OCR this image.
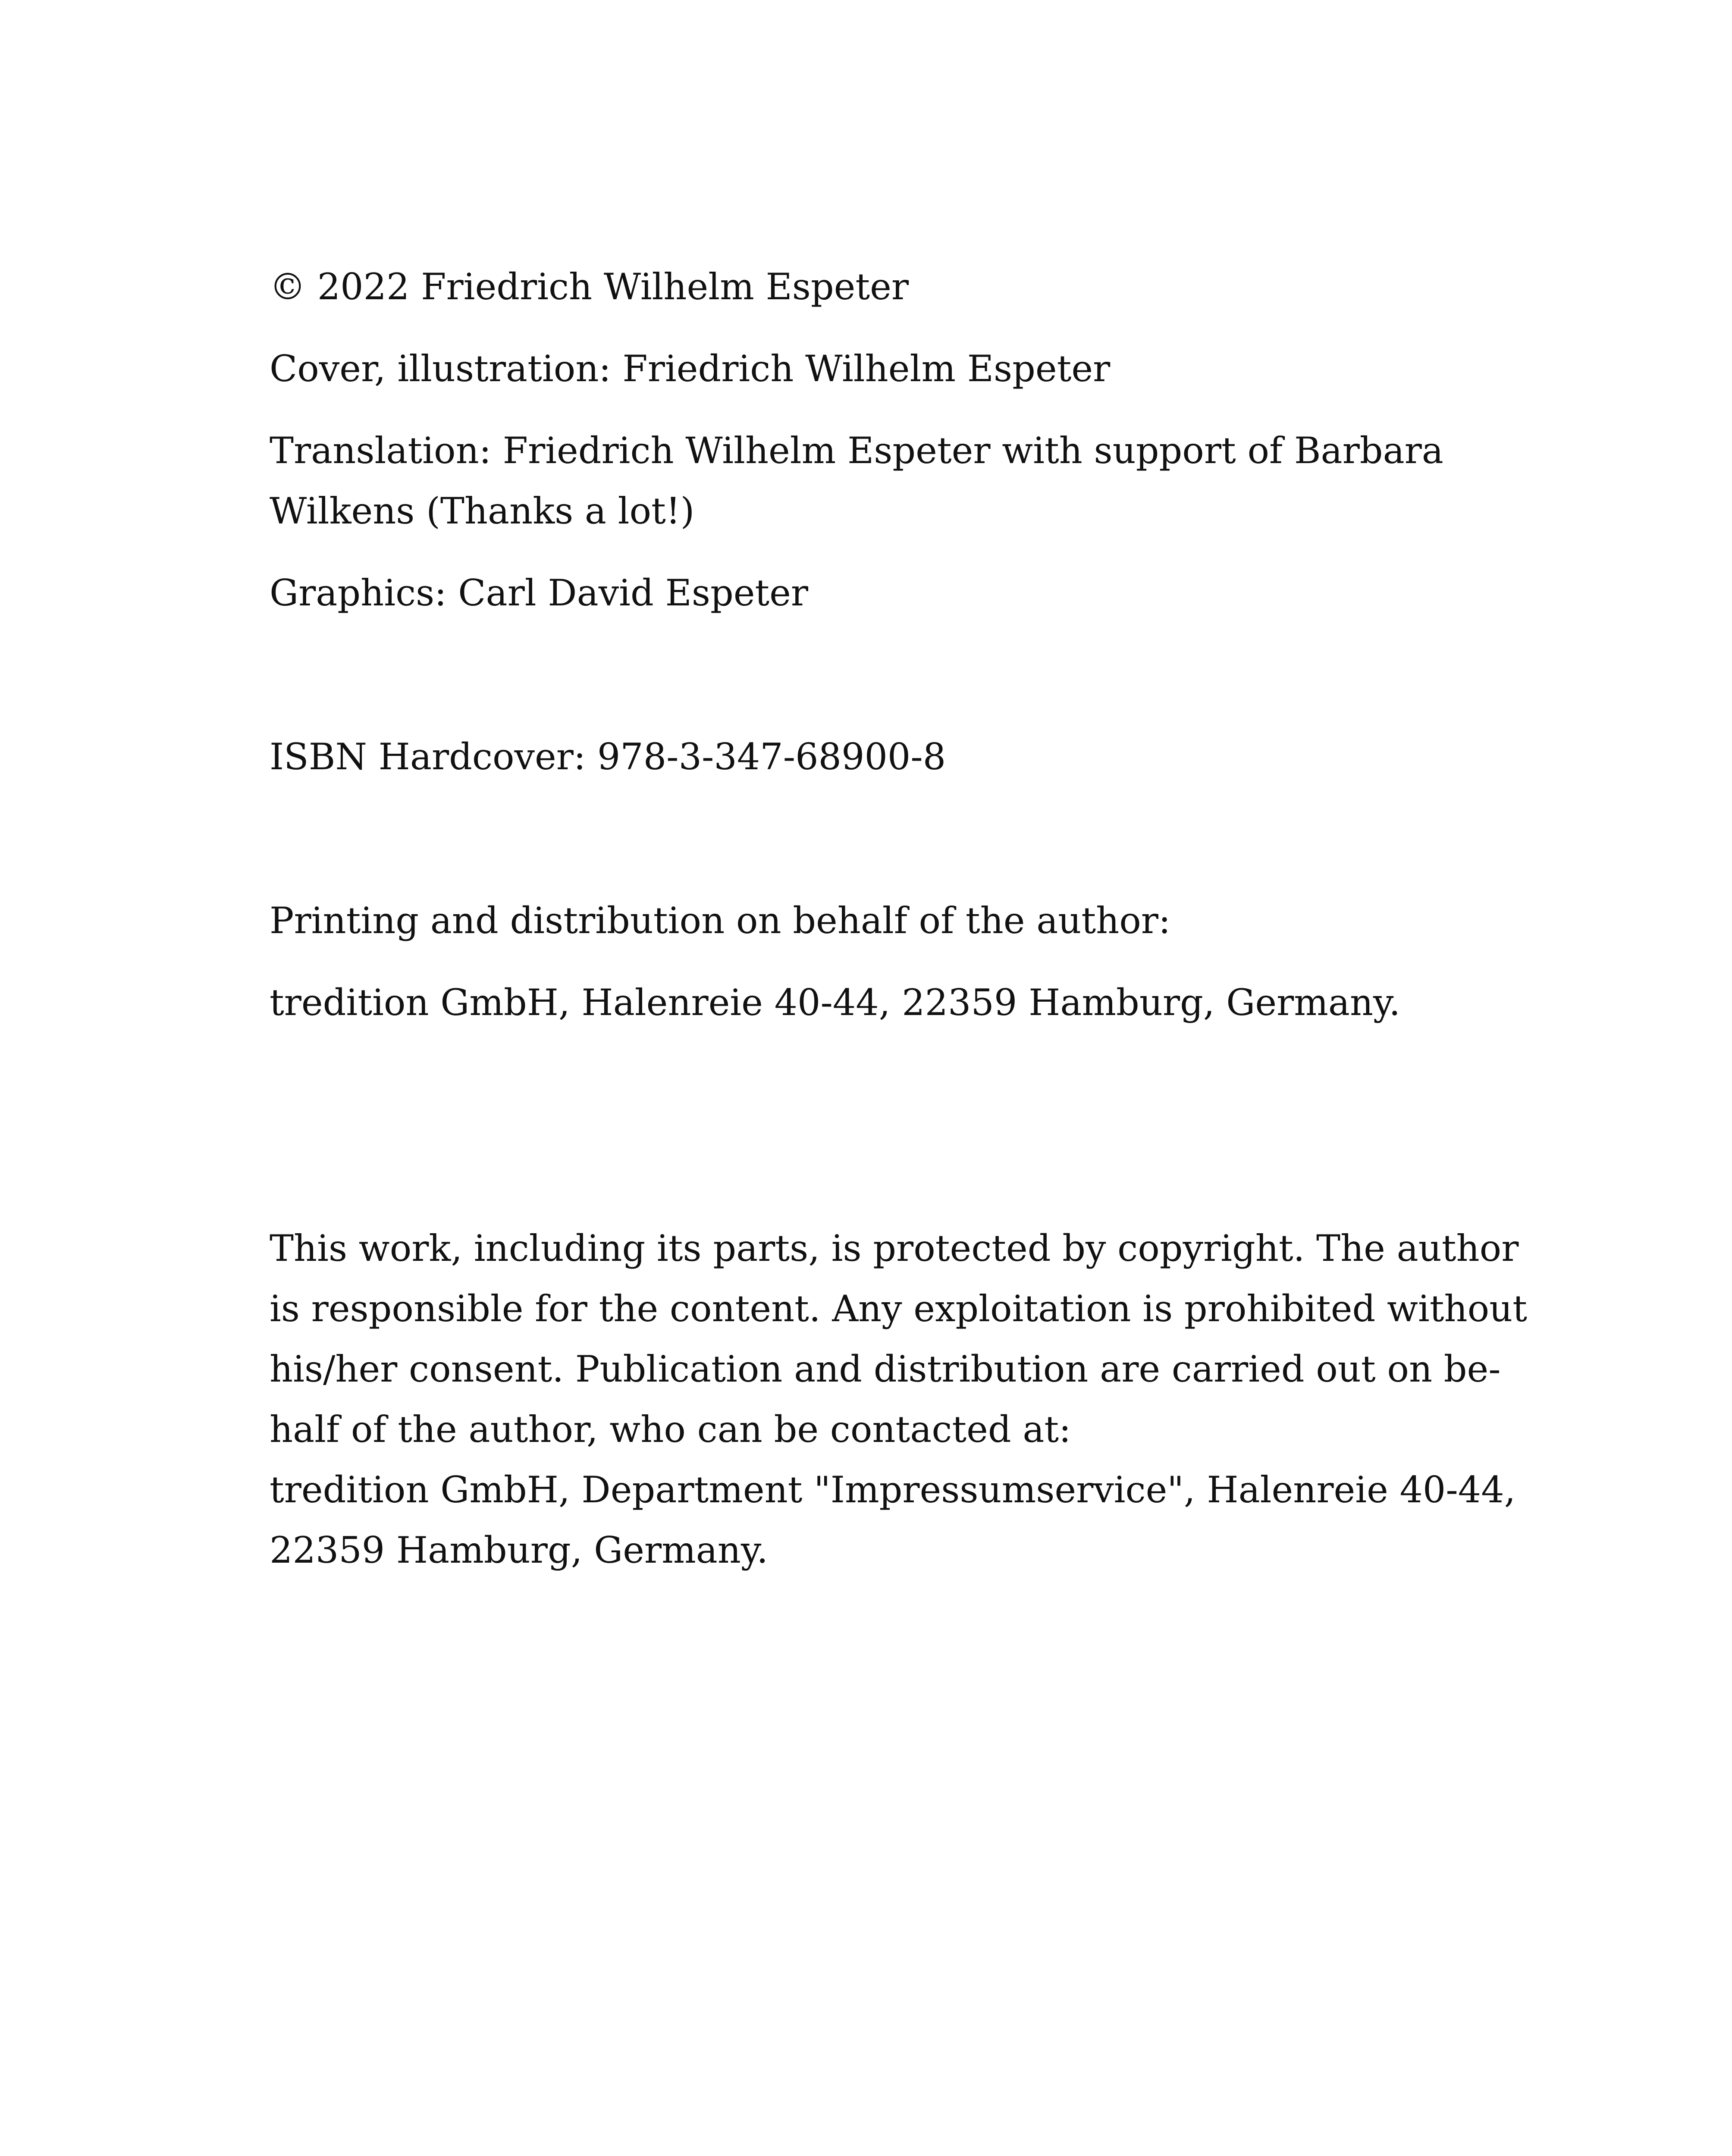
© 2022 Friedrich Wilhelm Espeter

Cover, illustration: Friedrich Wilhelm Espeter

Translation: Friedrich Wilhelm Espeter with support of Barbara

Wilkens (Thanks a lot!)

Graphics: Carl David Espeter

ISBN Hardcover: 978-3-347-68900-8

Printing and distribution on behalf of the author:

tredition GmbH, Halenreie 40-44, 22359 Hamburg, Germany.

This work, including its parts, is protected by copyright. The author

is responsible for the content. Any exploitation is prohibited without

his/her consent. Publication and distribution are carried out on be-

half of the author, who can be contacted at:

tredition GmbH, Department "Impressumservice", Halenreie 40-44,

22359 Hamburg, Germany.
